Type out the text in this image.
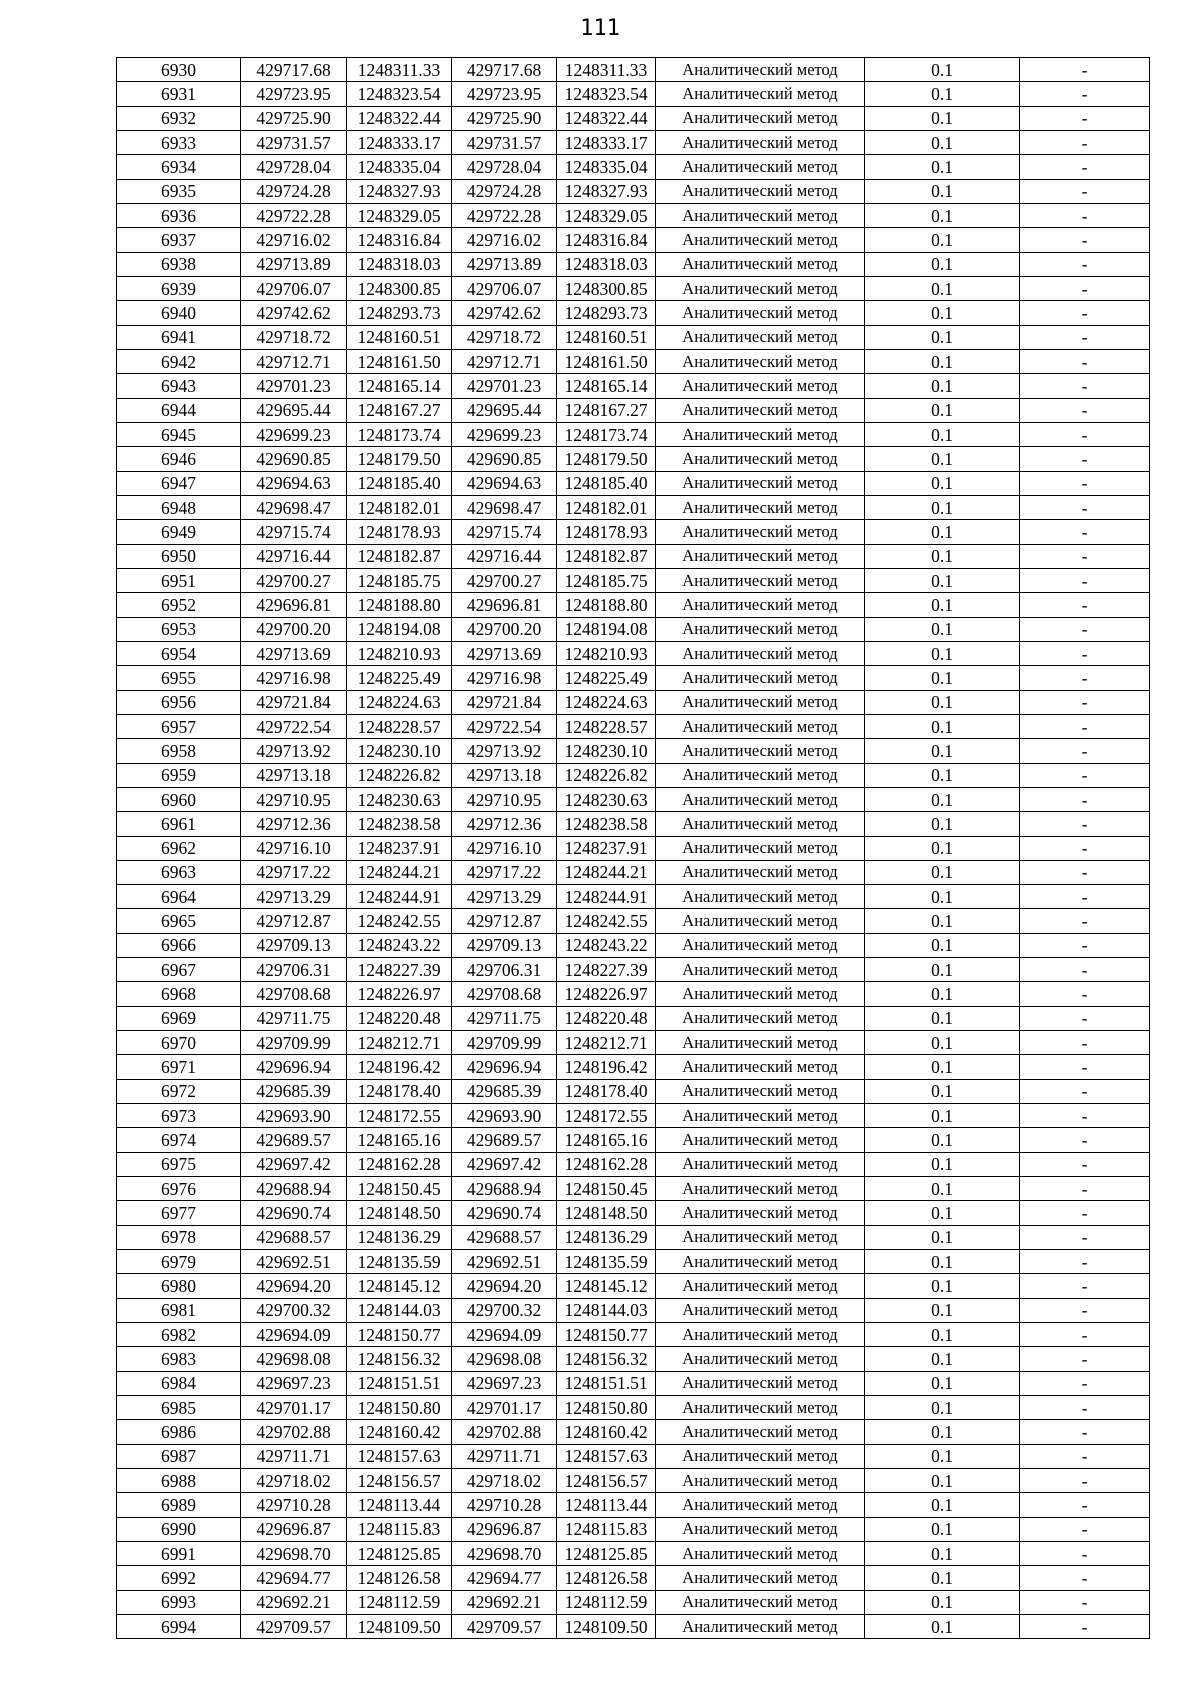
111
6930	429717.68	1248311.33	429717.68	1248311.33	Аналитический метод	0.1	-
6931	429723.95	1248323.54	429723.95	1248323.54	Аналитический метод	0.1	-
6932	429725.90	1248322.44	429725.90	1248322.44	Аналитический метод	0.1	-
6933	429731.57	1248333.17	429731.57	1248333.17	Аналитический метод	0.1	-
6934	429728.04	1248335.04	429728.04	1248335.04	Аналитический метод	0.1	-
6935	429724.28	1248327.93	429724.28	1248327.93	Аналитический метод	0.1	-
6936	429722.28	1248329.05	429722.28	1248329.05	Аналитический метод	0.1	-
6937	429716.02	1248316.84	429716.02	1248316.84	Аналитический метод	0.1	-
6938	429713.89	1248318.03	429713.89	1248318.03	Аналитический метод	0.1	-
6939	429706.07	1248300.85	429706.07	1248300.85	Аналитический метод	0.1	-
6940	429742.62	1248293.73	429742.62	1248293.73	Аналитический метод	0.1	-
6941	429718.72	1248160.51	429718.72	1248160.51	Аналитический метод	0.1	-
6942	429712.71	1248161.50	429712.71	1248161.50	Аналитический метод	0.1	-
6943	429701.23	1248165.14	429701.23	1248165.14	Аналитический метод	0.1	-
6944	429695.44	1248167.27	429695.44	1248167.27	Аналитический метод	0.1	-
6945	429699.23	1248173.74	429699.23	1248173.74	Аналитический метод	0.1	-
6946	429690.85	1248179.50	429690.85	1248179.50	Аналитический метод	0.1	-
6947	429694.63	1248185.40	429694.63	1248185.40	Аналитический метод	0.1	-
6948	429698.47	1248182.01	429698.47	1248182.01	Аналитический метод	0.1	-
6949	429715.74	1248178.93	429715.74	1248178.93	Аналитический метод	0.1	-
6950	429716.44	1248182.87	429716.44	1248182.87	Аналитический метод	0.1	-
6951	429700.27	1248185.75	429700.27	1248185.75	Аналитический метод	0.1	-
6952	429696.81	1248188.80	429696.81	1248188.80	Аналитический метод	0.1	-
6953	429700.20	1248194.08	429700.20	1248194.08	Аналитический метод	0.1	-
6954	429713.69	1248210.93	429713.69	1248210.93	Аналитический метод	0.1	-
6955	429716.98	1248225.49	429716.98	1248225.49	Аналитический метод	0.1	-
6956	429721.84	1248224.63	429721.84	1248224.63	Аналитический метод	0.1	-
6957	429722.54	1248228.57	429722.54	1248228.57	Аналитический метод	0.1	-
6958	429713.92	1248230.10	429713.92	1248230.10	Аналитический метод	0.1	-
6959	429713.18	1248226.82	429713.18	1248226.82	Аналитический метод	0.1	-
6960	429710.95	1248230.63	429710.95	1248230.63	Аналитический метод	0.1	-
6961	429712.36	1248238.58	429712.36	1248238.58	Аналитический метод	0.1	-
6962	429716.10	1248237.91	429716.10	1248237.91	Аналитический метод	0.1	-
6963	429717.22	1248244.21	429717.22	1248244.21	Аналитический метод	0.1	-
6964	429713.29	1248244.91	429713.29	1248244.91	Аналитический метод	0.1	-
6965	429712.87	1248242.55	429712.87	1248242.55	Аналитический метод	0.1	-
6966	429709.13	1248243.22	429709.13	1248243.22	Аналитический метод	0.1	-
6967	429706.31	1248227.39	429706.31	1248227.39	Аналитический метод	0.1	-
6968	429708.68	1248226.97	429708.68	1248226.97	Аналитический метод	0.1	-
6969	429711.75	1248220.48	429711.75	1248220.48	Аналитический метод	0.1	-
6970	429709.99	1248212.71	429709.99	1248212.71	Аналитический метод	0.1	-
6971	429696.94	1248196.42	429696.94	1248196.42	Аналитический метод	0.1	-
6972	429685.39	1248178.40	429685.39	1248178.40	Аналитический метод	0.1	-
6973	429693.90	1248172.55	429693.90	1248172.55	Аналитический метод	0.1	-
6974	429689.57	1248165.16	429689.57	1248165.16	Аналитический метод	0.1	-
6975	429697.42	1248162.28	429697.42	1248162.28	Аналитический метод	0.1	-
6976	429688.94	1248150.45	429688.94	1248150.45	Аналитический метод	0.1	-
6977	429690.74	1248148.50	429690.74	1248148.50	Аналитический метод	0.1	-
6978	429688.57	1248136.29	429688.57	1248136.29	Аналитический метод	0.1	-
6979	429692.51	1248135.59	429692.51	1248135.59	Аналитический метод	0.1	-
6980	429694.20	1248145.12	429694.20	1248145.12	Аналитический метод	0.1	-
6981	429700.32	1248144.03	429700.32	1248144.03	Аналитический метод	0.1	-
6982	429694.09	1248150.77	429694.09	1248150.77	Аналитический метод	0.1	-
6983	429698.08	1248156.32	429698.08	1248156.32	Аналитический метод	0.1	-
6984	429697.23	1248151.51	429697.23	1248151.51	Аналитический метод	0.1	-
6985	429701.17	1248150.80	429701.17	1248150.80	Аналитический метод	0.1	-
6986	429702.88	1248160.42	429702.88	1248160.42	Аналитический метод	0.1	-
6987	429711.71	1248157.63	429711.71	1248157.63	Аналитический метод	0.1	-
6988	429718.02	1248156.57	429718.02	1248156.57	Аналитический метод	0.1	-
6989	429710.28	1248113.44	429710.28	1248113.44	Аналитический метод	0.1	-
6990	429696.87	1248115.83	429696.87	1248115.83	Аналитический метод	0.1	-
6991	429698.70	1248125.85	429698.70	1248125.85	Аналитический метод	0.1	-
6992	429694.77	1248126.58	429694.77	1248126.58	Аналитический метод	0.1	-
6993	429692.21	1248112.59	429692.21	1248112.59	Аналитический метод	0.1	-
6994	429709.57	1248109.50	429709.57	1248109.50	Аналитический метод	0.1	-
